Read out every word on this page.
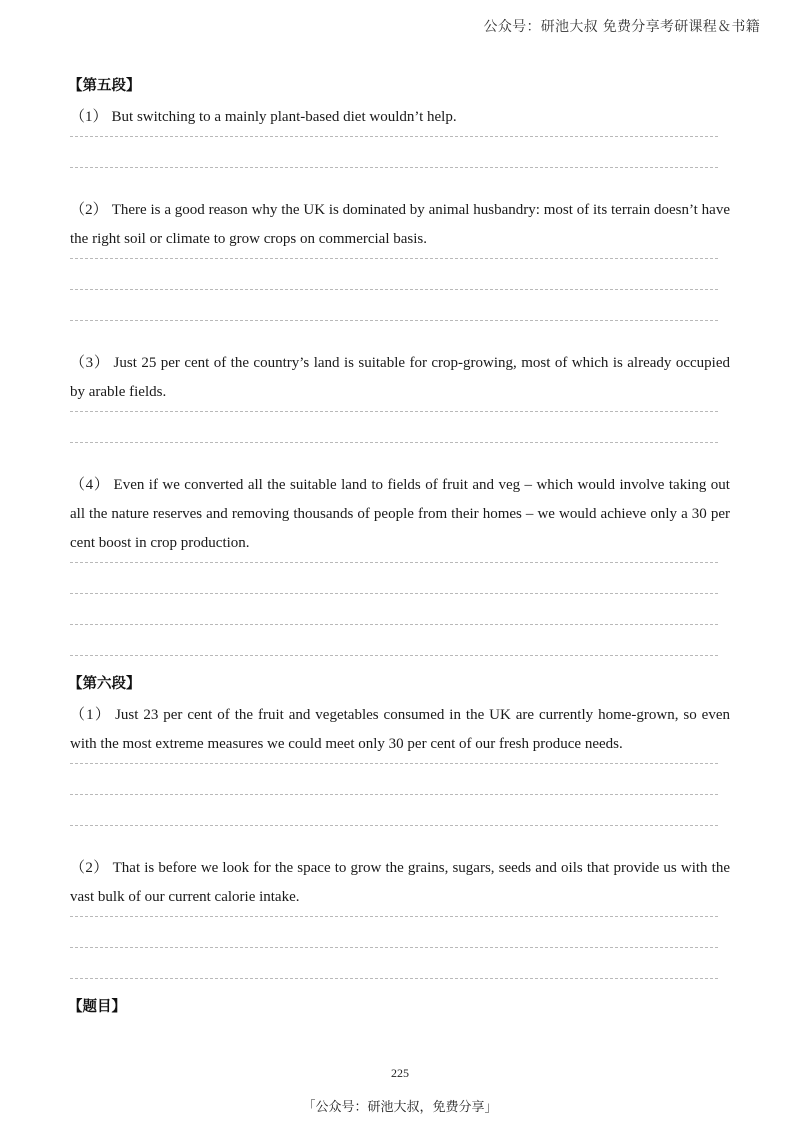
公众号：研池大叔 免费分享考研课程＆书籍
【第五段】

（1） But switching to a mainly plant-based diet wouldn’t help.

（2） There is a good reason why the UK is dominated by animal husbandry: most of its terrain doesn’t have the right soil or climate to grow crops on commercial basis.

（3） Just 25 per cent of the country’s land is suitable for crop-growing, most of which is already occupied by arable fields.

（4） Even if we converted all the suitable land to fields of fruit and veg – which would involve taking out all the nature reserves and removing thousands of people from their homes – we would achieve only a 30 per cent boost in crop production.

【第六段】

（1） Just 23 per cent of the fruit and vegetables consumed in the UK are currently home-grown, so even with the most extreme measures we could meet only 30 per cent of our fresh produce needs.

（2） That is before we look for the space to grow the grains, sugars, seeds and oils that provide us with the vast bulk of our current calorie intake.

【题目】
225
「公众号：研池大叔，免费分享」
